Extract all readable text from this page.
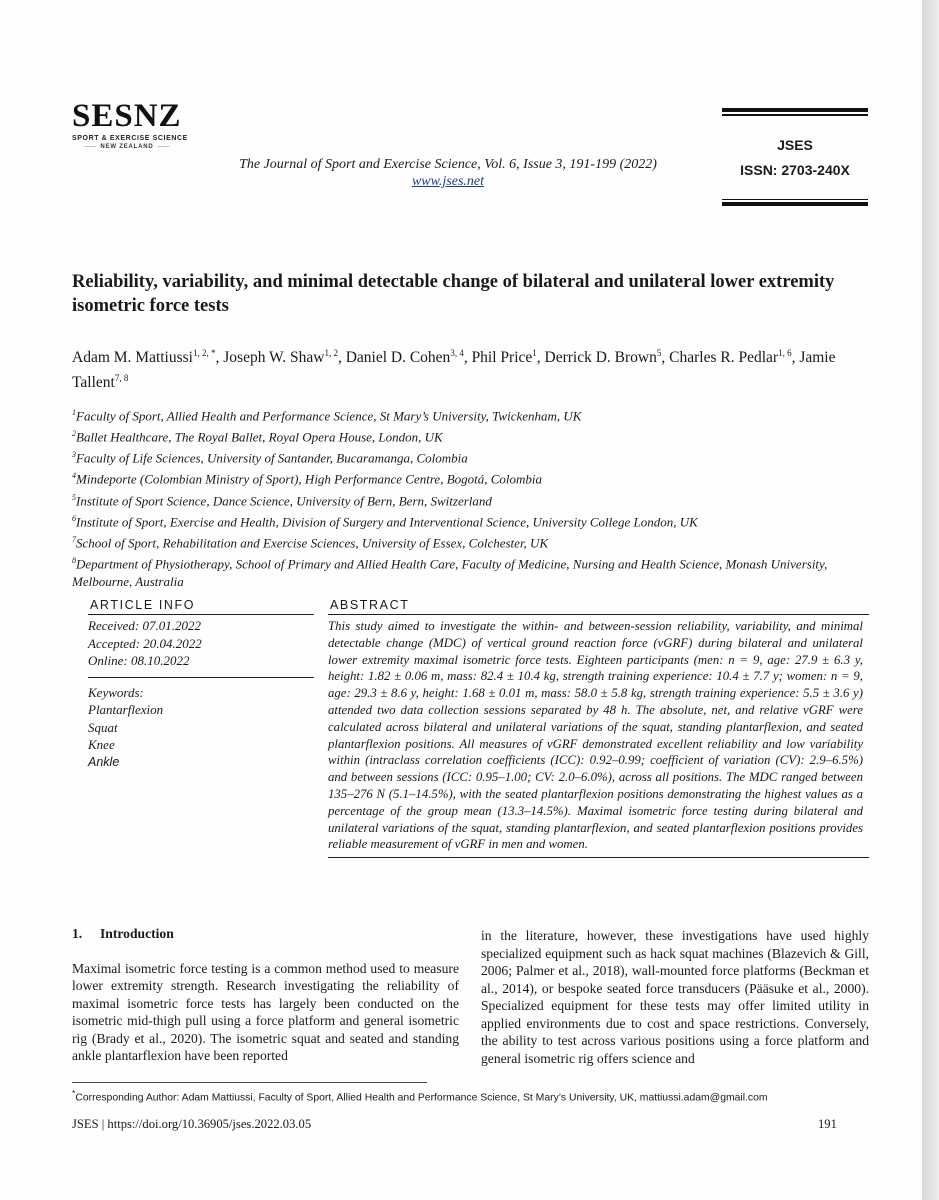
SESNZ
SPORT & EXERCISE SCIENCE
—— NEW ZEALAND ——
The Journal of Sport and Exercise Science, Vol. 6, Issue 3, 191-199 (2022)
www.jses.net
JSES
ISSN: 2703-240X
Reliability, variability, and minimal detectable change of bilateral and unilateral lower extremity isometric force tests
Adam M. Mattiussi$^{1, 2, *}$, Joseph W. Shaw$^{1, 2}$, Daniel D. Cohen$^{3, 4}$, Phil Price$^1$, Derrick D. Brown$^5$, Charles R. Pedlar$^{1, 6}$, Jamie Tallent$^{7, 8}$
$^1$Faculty of Sport, Allied Health and Performance Science, St Mary’s University, Twickenham, UK
$^2$Ballet Healthcare, The Royal Ballet, Royal Opera House, London, UK
$^3$Faculty of Life Sciences, University of Santander, Bucaramanga, Colombia
$^4$Mindeporte (Colombian Ministry of Sport), High Performance Centre, Bogotá, Colombia
$^5$Institute of Sport Science, Dance Science, University of Bern, Bern, Switzerland
$^6$Institute of Sport, Exercise and Health, Division of Surgery and Interventional Science, University College London, UK
$^7$School of Sport, Rehabilitation and Exercise Sciences, University of Essex, Colchester, UK
$^8$Department of Physiotherapy, School of Primary and Allied Health Care, Faculty of Medicine, Nursing and Health Science, Monash University, Melbourne, Australia
ARTICLE INFO
Received: 07.01.2022
Accepted: 20.04.2022
Online: 08.10.2022
Keywords:
Plantarflexion
Squat
Knee
Ankle
ABSTRACT
This study aimed to investigate the within- and between-session reliability, variability, and minimal detectable change (MDC) of vertical ground reaction force (vGRF) during bilateral and unilateral lower extremity maximal isometric force tests. Eighteen participants (men: n = 9, age: 27.9 ± 6.3 y, height: 1.82 ± 0.06 m, mass: 82.4 ± 10.4 kg, strength training experience: 10.4 ± 7.7 y; women: n = 9, age: 29.3 ± 8.6 y, height: 1.68 ± 0.01 m, mass: 58.0 ± 5.8 kg, strength training experience: 5.5 ± 3.6 y) attended two data collection sessions separated by 48 h. The absolute, net, and relative vGRF were calculated across bilateral and unilateral variations of the squat, standing plantarflexion, and seated plantarflexion positions. All measures of vGRF demonstrated excellent reliability and low variability within (intraclass correlation coefficients (ICC): 0.92–0.99; coefficient of variation (CV): 2.9–6.5%) and between sessions (ICC: 0.95–1.00; CV: 2.0–6.0%), across all positions. The MDC ranged between 135–276 N (5.1–14.5%), with the seated plantarflexion positions demonstrating the highest values as a percentage of the group mean (13.3–14.5%). Maximal isometric force testing during bilateral and unilateral variations of the squat, standing plantarflexion, and seated plantarflexion positions provides reliable measurement of vGRF in men and women.
1. Introduction
Maximal isometric force testing is a common method used to measure lower extremity strength. Research investigating the reliability of maximal isometric force tests has largely been conducted on the isometric mid-thigh pull using a force platform and general isometric rig (Brady et al., 2020). The isometric squat and seated and standing ankle plantarflexion have been reported
in the literature, however, these investigations have used highly specialized equipment such as hack squat machines (Blazevich & Gill, 2006; Palmer et al., 2018), wall-mounted force platforms (Beckman et al., 2014), or bespoke seated force transducers (Pääsuke et al., 2000). Specialized equipment for these tests may offer limited utility in applied environments due to cost and space restrictions. Conversely, the ability to test across various positions using a force platform and general isometric rig offers science and
*Corresponding Author: Adam Mattiussi, Faculty of Sport, Allied Health and Performance Science, St Mary’s University, UK, mattiussi.adam@gmail.com
JSES | https://doi.org/10.36905/jses.2022.03.05	191
